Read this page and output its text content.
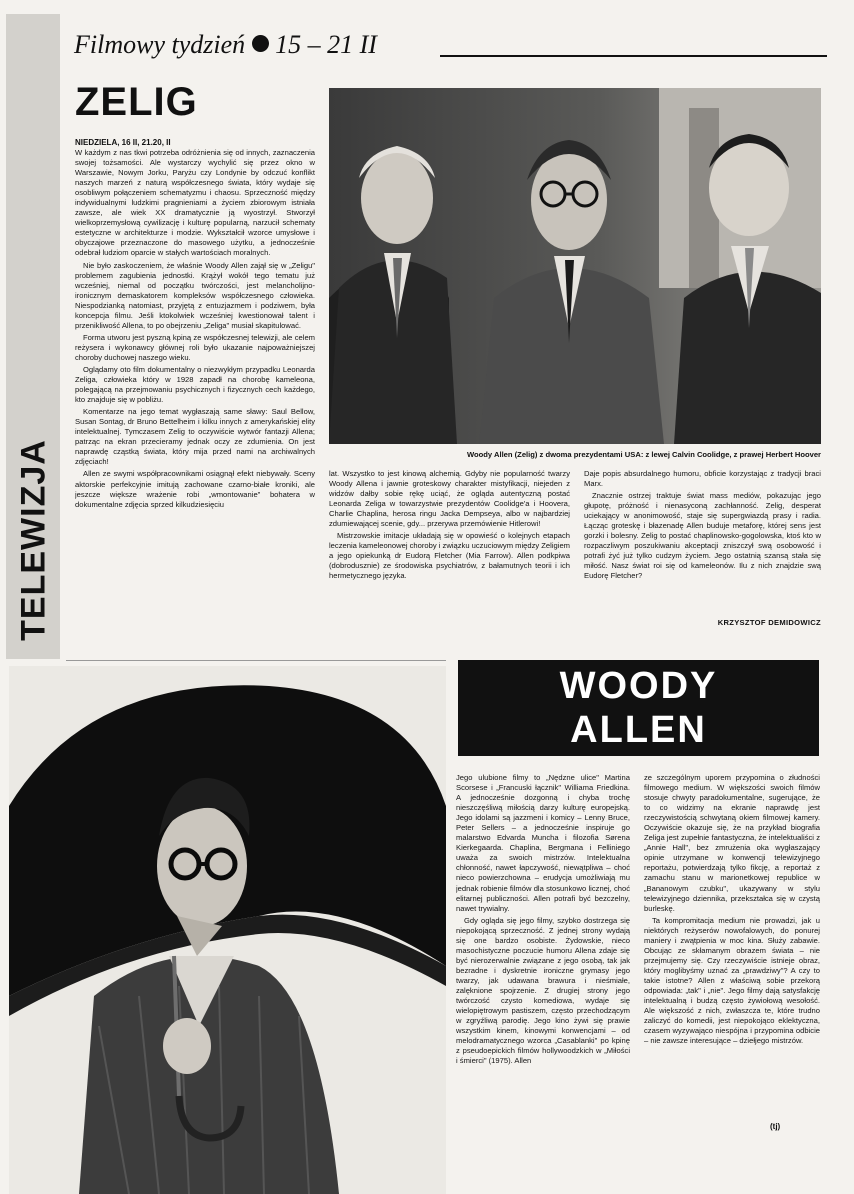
TELEWIZJA
Filmowy tydzień 15 – 21 II
ZELIG
NIEDZIELA, 16 II, 21.20, II

W każdym z nas tkwi potrzeba odróżnienia się od innych, zaznaczenia swojej tożsamości. Ale wystarczy wychylić się przez okno w Warszawie, Nowym Jorku, Paryżu czy Londynie by odczuć konflikt naszych marzeń z naturą współczesnego świata, który wydaje się osobliwym połączeniem schematyzmu i chaosu. Sprzeczność między indywidualnymi ludzkimi pragnieniami a życiem zbiorowym istniała zawsze, ale wiek XX dramatycznie ją wyostrzył. Stworzył wielkoprzemysłową cywilizację i kulturę popularną, narzucił schematy estetyczne w architekturze i modzie. Wykształcił wzorce umysłowe i obyczajowe przeznaczone do masowego użytku, a jednocześnie odebrał ludziom oparcie w stałych wartościach moralnych.

Nie było zaskoczeniem, że właśnie Woody Allen zajął się w „Zeligu" problemem zagubienia jednostki. Krążył wokół tego tematu już wcześniej, niemal od początku twórczości, jest melancholijno-ironicznym demaskatorem kompleksów współczesnego człowieka. Niespodzianką natomiast, przyjętą z entuzjazmem i podziwem, była koncepcja filmu. Jeśli ktokolwiek wcześniej kwestionował talent i przenikliwość Allena, to po obejrzeniu „Zeliga" musiał skapitulować.

Forma utworu jest pyszną kpiną ze współczesnej telewizji, ale celem reżysera i wykonawcy głównej roli było ukazanie najpoważniejszej choroby duchowej naszego wieku.

Oglądamy oto film dokumentalny o niezwykłym przypadku Leonarda Zeliga, człowieka który w 1928 zapadł na chorobę kameleona, polegającą na przejmowaniu psychicznych i fizycznych cech każdego, kto znajduje się w pobliżu.

Komentarze na jego temat wygłaszają same sławy: Saul Bellow, Susan Sontag, dr Bruno Bettelheim i kilku innych z amerykańskiej elity intelektualnej. Tymczasem Zelig to oczywiście wytwór fantazji Allena; patrząc na ekran przecieramy jednak oczy ze zdumienia. On jest naprawdę cząstką świata, który mija przed nami na archiwalnych zdjęciach!

Allen ze swymi współpracownikami osiągnął efekt niebywały. Sceny aktorskie perfekcyjnie imitują zachowane czarno-białe kroniki, ale jeszcze większe wrażenie robi „wmontowanie" bohatera w dokumentalne zdjęcia sprzed kilkudziesięciu

Woody Allen (Zelig) z dwoma prezydentami USA: z lewej Calvin Coolidge, z prawej Herbert Hoover

lat. Wszystko to jest kinową alchemią. Gdyby nie popularność twarzy Woody Allena i jawnie groteskowy charakter mistyfikacji, niejeden z widzów dałby sobie rękę uciąć, że ogląda autentyczną postać Leonarda Zeliga w towarzystwie prezydentów Coolidge'a i Hoovera, Charlie Chaplina, herosa ringu Jacka Dempseya, albo w najbardziej zdumiewającej scenie, gdy... przerywa przemówienie Hitlerowi!

Mistrzowskie imitacje układają się w opowieść o kolejnych etapach leczenia kameleonowej choroby i związku uczuciowym między Zeligiem a jego opiekunką dr Eudorą Fletcher (Mia Farrow). Allen podkpiwa (dobrodusznie) ze środowiska psychiatrów, z bałamutnych teorii i ich hermetycznego języka.

Daje popis absurdalnego humoru, obficie korzystając z tradycji braci Marx.

Znacznie ostrzej traktuje świat mass mediów, pokazując jego głupotę, próżność i nienasyconą zachłanność. Zelig, desperat uciekający w anonimowość, staje się supergwiazdą prasy i radia. Łącząc groteskę i błazenadę Allen buduje metaforę, której sens jest gorzki i bolesny. Zelig to postać chaplinowsko-gogolowska, ktoś kto w rozpaczliwym poszukiwaniu akceptacji zniszczył swą osobowość i potrafi żyć już tylko cudzym życiem. Jego ostatnią szansą stała się miłość. Nasz świat roi się od kameleonów. Ilu z nich znajdzie swą Eudorę Fletcher?

KRZYSZTOF DEMIDOWICZ
WOODY
ALLEN

Jego ulubione filmy to „Nędzne ulice" Martina Scorsese i „Francuski łącznik" Williama Friedkina. A jednocześnie dozgonną i chyba trochę nieszczęśliwą miłością darzy kulturę europejską. Jego idolami są jazzmeni i komicy – Lenny Bruce, Peter Sellers – a jednocześnie inspiruje go malarstwo Edvarda Muncha i filozofia Sørena Kierkegaarda. Chaplina, Bergmana i Felliniego uważa za swoich mistrzów. Intelektualna chłonność, nawet łapczywość, niewątpliwa – choć nieco powierzchowna – erudycja umożliwiają mu jednak robienie filmów dla stosunkowo licznej, choć elitarnej publiczności. Allen potrafi być bezczelny, nawet trywialny.

Gdy ogląda się jego filmy, szybko dostrzega się niepokojącą sprzeczność. Z jednej strony wydają się one bardzo osobiste. Żydowskie, nieco masochistyczne poczucie humoru Allena zdaje się być nierozerwalnie związane z jego osobą, tak jak bezradne i dyskretnie ironiczne grymasy jego twarzy, jak udawana brawura i nieśmiałe, zalęknione spojrzenie. Z drugiej strony jego twórczość czysto komediowa, wydaje się wielopiętrowym pastiszem, często przechodzącym w zgryźliwą parodię. Jego kino żywi się prawie wszystkim kinem, kinowymi konwencjami – od melodramatycznego wzorca „Casablanki" po kpinę z pseudoepickich filmów hollywoodzkich w „Miłości i śmierci" (1975). Allen

ze szczególnym uporem przypomina o złudności filmowego medium. W większości swoich filmów stosuje chwyty paradokumentalne, sugerujące, że to co widzimy na ekranie naprawdę jest rzeczywistością schwytaną okiem filmowej kamery. Oczywiście okazuje się, że na przykład biografia Zeliga jest zupełnie fantastyczna, że intelektualiści z „Annie Hall", bez zmrużenia oka wygłaszający opinie utrzymane w konwencji telewizyjnego reportażu, potwierdzają tylko fikcję, a reportaż z zamachu stanu w marionetkowej republice w „Bananowym czubku", ukazywany w stylu telewizyjnego dziennika, przekształca się w czystą burleskę.

Ta kompromitacja medium nie prowadzi, jak u niektórych reżyserów nowofalowych, do ponurej maniery i zwątpienia w moc kina. Służy zabawie. Obcując ze skłamanym obrazem świata – nie przejmujemy się. Czy rzeczywiście istnieje obraz, który moglibyśmy uznać za „prawdziwy"? A czy to takie istotne? Allen z właściwą sobie przekorą odpowiada: „tak" i „nie". Jego filmy dają satysfakcję intelektualną i budzą często żywiołową wesołość. Ale większość z nich, zwłaszcza te, które trudno zaliczyć do komedii, jest niepokojąco eklektyczna, czasem wyzywająco niespójna i przypomina odbicie – nie zawsze interesujące – dziełjego mistrzów.

(tj)
